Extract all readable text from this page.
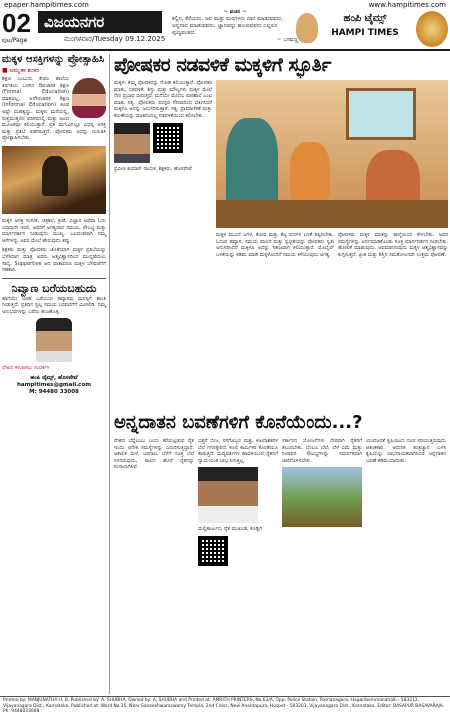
epaper.hampitimes.com	www.hampitimes.com
02
ಪುಟ/Page
ವಿಜಯನಗರ
ಮಂಗಳವಾರ/Tuesday 09.12.2025
~ ವಚನ ~
ಕಲ್ಲಿನ, ಕೆರೆಯನು, ಜಲ ಮತ್ತು ಮರಗಳನು ದಾನ ಮಾಡುವವನು, ಅನ್ನದಾನ ಮಾಡುವವನು, ಜ್ಞಾನವನ್ನು ಹಂಚುವವನು ಎಲ್ಲರೂ ಪುಣ್ಯವಂತರು.
~ ಬಸವಣ್ಣ
ಹಂಪಿ ಟೈಮ್ಸ್
HAMPI TIMES
ಮಕ್ಕಳ ಆಸಕ್ತಿಗಳನ್ನು ಪ್ರೋತ್ಸಾಹಿಸಿ
■ ಅಮೃತಾ ಶಂಕರ

ಶಿಕ್ಷಣ ಎಂಬುದು ಕೇವಲ ಶಾಲೆಯ ತರಗತಿಯ ಒಳಗಿನ ಔಪಚಾರಿಕ ಶಿಕ್ಷಣ (Formal Education) ಮಾತ್ರವಲ್ಲ, ಅನೌಪಚಾರಿಕ ಶಿಕ್ಷಣ (Informal Education) ಕೂಡ ಅಷ್ಟೇ ಮಹತ್ವದ್ದು. ಮಕ್ಕಳು ಮನೆಯಲ್ಲಿ, ಸುತ್ತಮುತ್ತಲಿನ ಪರಿಸರದಲ್ಲಿ ಮತ್ತು ಆಟದ ಮೂಲಕವೂ ಕಲಿಯುತ್ತಾರೆ. ಪ್ರತಿ ಮಗುವಿನಲ್ಲೂ ವಿಭಿನ್ನ ಆಸಕ್ತಿ ಮತ್ತು ಪ್ರತಿಭೆ ಅಡಗಿರುತ್ತದೆ. ಪೋಷಕರು ಅದನ್ನು ಗುರುತಿಸಿ ಪ್ರೋತ್ಸಾಹಿಸಬೇಕು.

ಮಕ್ಕಳ ಆಸಕ್ತಿ ಸಂಗೀತ, ಚಿತ್ರಕಲೆ, ಕ್ರೀಡೆ, ವಿಜ್ಞಾನ ಅಥವಾ ಓದು ಯಾವುದೇ ಇರಲಿ, ಅವರಿಗೆ ಅಗತ್ಯವಾದ ಸಮಯ, ಸೌಲಭ್ಯ ಮತ್ತು ಮಾರ್ಗದರ್ಶನ ನೀಡುವುದು ಮುಖ್ಯ. ಬಲವಂತವಾಗಿ ನಮ್ಮ ಆಸೆಗಳನ್ನು ಅವರ ಮೇಲೆ ಹೇರುವುದು ತಪ್ಪು.

ಶಿಕ್ಷಕರು ಮತ್ತು ಪೋಷಕರು ಜೊತೆಯಾಗಿ ಮಕ್ಕಳ ಪ್ರತಿಭೆಯನ್ನು ಬೆಳೆಸಿದಾಗ ಮಾತ್ರ ಅವರು ಆತ್ಮವಿಶ್ವಾಸದಿಂದ ಮುನ್ನಡೆಯಲು ಸಾಧ್ಯ. Supportive ಆದ ವಾತಾವರಣ ಮಕ್ಕಳ ಬೆಳವಣಿಗೆಗೆ ಸಹಕಾರಿ.

ನಿವ್ವಾಣ ಬರೆಯಬಹುದು

ಹಾಗೆಯೇ ಬರಹ ಬರೆಯುವ ಹವ್ಯಾಸವು ಮನಸ್ಸಿಗೆ ಶಾಂತಿ ನೀಡುತ್ತದೆ. ಪ್ರತಿದಿನ ಸ್ವಲ್ಪ ಸಮಯ ಬರವಣಿಗೆಗೆ ಮೀಸಲಿಡಿ. ನಿಮ್ಮ ಅನುಭವಗಳನ್ನು ಬರೆದು ಹಂಚಿಕೊಳ್ಳಿ.

ಲೇಖನ ಕಳುಹಿಸಲು ಸಂಪರ್ಕಿಸಿ

ಹಂಪಿ ಟೈಮ್ಸ್, ಹೊಸಪೇಟೆ
hampitimes@gmail.com
M: 94480 33008
ಪೋಷಕರ ನಡವಳಿಕೆ ಮಕ್ಕಳಿಗೆ ಸ್ಫೂರ್ತಿ

ಮಕ್ಕಳು ತಮ್ಮ ಪೋಷಕರನ್ನು ನೋಡಿ ಕಲಿಯುತ್ತಾರೆ. ಪೋಷಕರ ಮಾತು, ನಡವಳಿಕೆ, ಶಿಸ್ತು ಮತ್ತು ಮೌಲ್ಯಗಳು ಮಕ್ಕಳ ಮೇಲೆ ನೇರ ಪ್ರಭಾವ ಬೀರುತ್ತವೆ. ಮನೆಯೇ ಮೊದಲ ಪಾಠಶಾಲೆ ಎಂಬ ಮಾತು ಸತ್ಯ. ಪೋಷಕರು ಪರಸ್ಪರ ಗೌರವದಿಂದ ವರ್ತಿಸಿದರೆ ಮಕ್ಕಳೂ ಅದನ್ನು ಅನುಸರಿಸುತ್ತಾರೆ. ಸತ್ಯ, ಪ್ರಾಮಾಣಿಕತೆ ಮತ್ತು ಕರುಣೆಯನ್ನು ಮಾತಿನಿಂದಲ್ಲ ನಡವಳಿಕೆಯಿಂದ ಕಲಿಸಬೇಕು.

ಪ್ರವೀಣ ಕುಮಾರ್ ನಾಯಕ, ಶಿಕ್ಷಕರು, ಹೊಸಪೇಟೆ

ಮಕ್ಕಳ ಮುಂದೆ ಜಗಳ, ಕೋಪ ಮತ್ತು ಕೆಟ್ಟ ಪದಗಳ ಬಳಕೆ ತಪ್ಪಿಸಬೇಕು. ಓದುವ ಹವ್ಯಾಸ, ಸಮಯ ಪಾಲನೆ ಮತ್ತು ಸ್ವಚ್ಛತೆಯನ್ನು ಪೋಷಕರು ಸ್ವತಃ ಅನುಸರಿಸಿದರೆ ಮಕ್ಕಳೂ ಅದನ್ನು ಸಹಜವಾಗಿ ಕಲಿಯುತ್ತಾರೆ. ಮೊಬೈಲ್ ಬಳಕೆಯನ್ನು ಕಡಿಮೆ ಮಾಡಿ ಮಕ್ಕಳೊಂದಿಗೆ ಸಮಯ ಕಳೆಯುವುದು ಅಗತ್ಯ.

ಪೋಷಕರು ಮಕ್ಕಳ ಮಾತನ್ನು ತಾಳ್ಮೆಯಿಂದ ಕೇಳಬೇಕು. ಅವರ ಸಮಸ್ಯೆಗಳನ್ನು ಅರ್ಥಮಾಡಿಕೊಂಡು ಸೂಕ್ತ ಮಾರ್ಗದರ್ಶನ ನೀಡಬೇಕು. ಹೋಲಿಕೆ ಮಾಡುವುದು, ಅವಮಾನಿಸುವುದು ಮಕ್ಕಳ ಆತ್ಮವಿಶ್ವಾಸವನ್ನು ಕುಗ್ಗಿಸುತ್ತದೆ. ಪ್ರೀತಿ ಮತ್ತು ಶಿಸ್ತಿನ ಸಮತೋಲನವೇ ಉತ್ತಮ ಪೋಷಣೆ.

ಅನ್ನದಾತನ ಬವಣೆಗಳಿಗೆ ಕೊನೆಯೆಂದು...?

ದೇಶದ ಬೆನ್ನೆಲುಬು ಎಂದು ಕರೆಯಲ್ಪಡುವ ರೈತ ಇಂದು ಅನೇಕ ಸಮಸ್ಯೆಗಳನ್ನು ಎದುರಿಸುತ್ತಿದ್ದಾನೆ. ಅಕಾಲಿಕ ಮಳೆ, ಬರಗಾಲ, ಬೆಳೆಗೆ ಸೂಕ್ತ ಬೆಲೆ ಸಿಗದಿರುವುದು, ಸಾಲದ ಹೊರೆ ರೈತನನ್ನು ಕಂಗಾಲಾಗಿಸಿವೆ.

ಬಿತ್ತನೆ ಬೀಜ, ರಸಗೊಬ್ಬರ ಮತ್ತು ಕೀಟನಾಶಕಗಳ ಬೆಲೆ ಗಗನಕ್ಕೇರಿದೆ. ಕೂಲಿ ಕಾರ್ಮಿಕರ ಕೊರತೆಯೂ ಕಾಡುತ್ತಿದೆ. ಮಧ್ಯವರ್ತಿಗಳ ಹಾವಳಿಯಿಂದ ರೈತನಿಗೆ ನ್ಯಾಯಯುತ ಲಾಭ ಸಿಗುತ್ತಿಲ್ಲ.

ಮಲ್ಲಿಕಾರ್ಜುನ, ರೈತ ಮುಖಂಡ, ಕೂಡ್ಲಿಗಿ

ಸರ್ಕಾರದ ಯೋಜನೆಗಳು ನೇರವಾಗಿ ರೈತರಿಗೆ ತಲುಪಬೇಕು. ಬೆಂಬಲ ಬೆಲೆ, ಬೆಳೆ ವಿಮೆ ಮತ್ತು ನೀರಾವರಿ ಸೌಲಭ್ಯಗಳನ್ನು ಸಮರ್ಪಕವಾಗಿ ಜಾರಿಗೊಳಿಸಬೇಕು.

ಯುವಜನತೆ ಕೃಷಿಯಿಂದ ದೂರ ಸರಿಯುತ್ತಿರುವುದು ಆತಂಕಕಾರಿ. ಆಧುನಿಕ ತಂತ್ರಜ್ಞಾನ ಬಳಸಿ ಕೃಷಿಯನ್ನು ಲಾಭದಾಯಕವಾಗಿಸಿದರೆ ಅನ್ನದಾತನ ಬವಣೆ ಕಡಿಮೆಯಾದೀತು.

Printed by: MANJUNATHA H. B. Published by: A. SHUBHA. Owned by: A. SHUBHA and Printed at: AMRITH PRINTERS, No.63/A, Opp. Police Station, Ramanagara, Hagaribommanahalli - 583212, Vijayanagara Dist., Karnataka. Published at: Ward No.15, Near Saneeshwaraswamy Temple, 2nd Cross, New Anantapura, Hospet - 583201, Vijayanagara Dist., Karnataka. Editor: BASAPUR BASAVARAJA. Ph: 9448033008
